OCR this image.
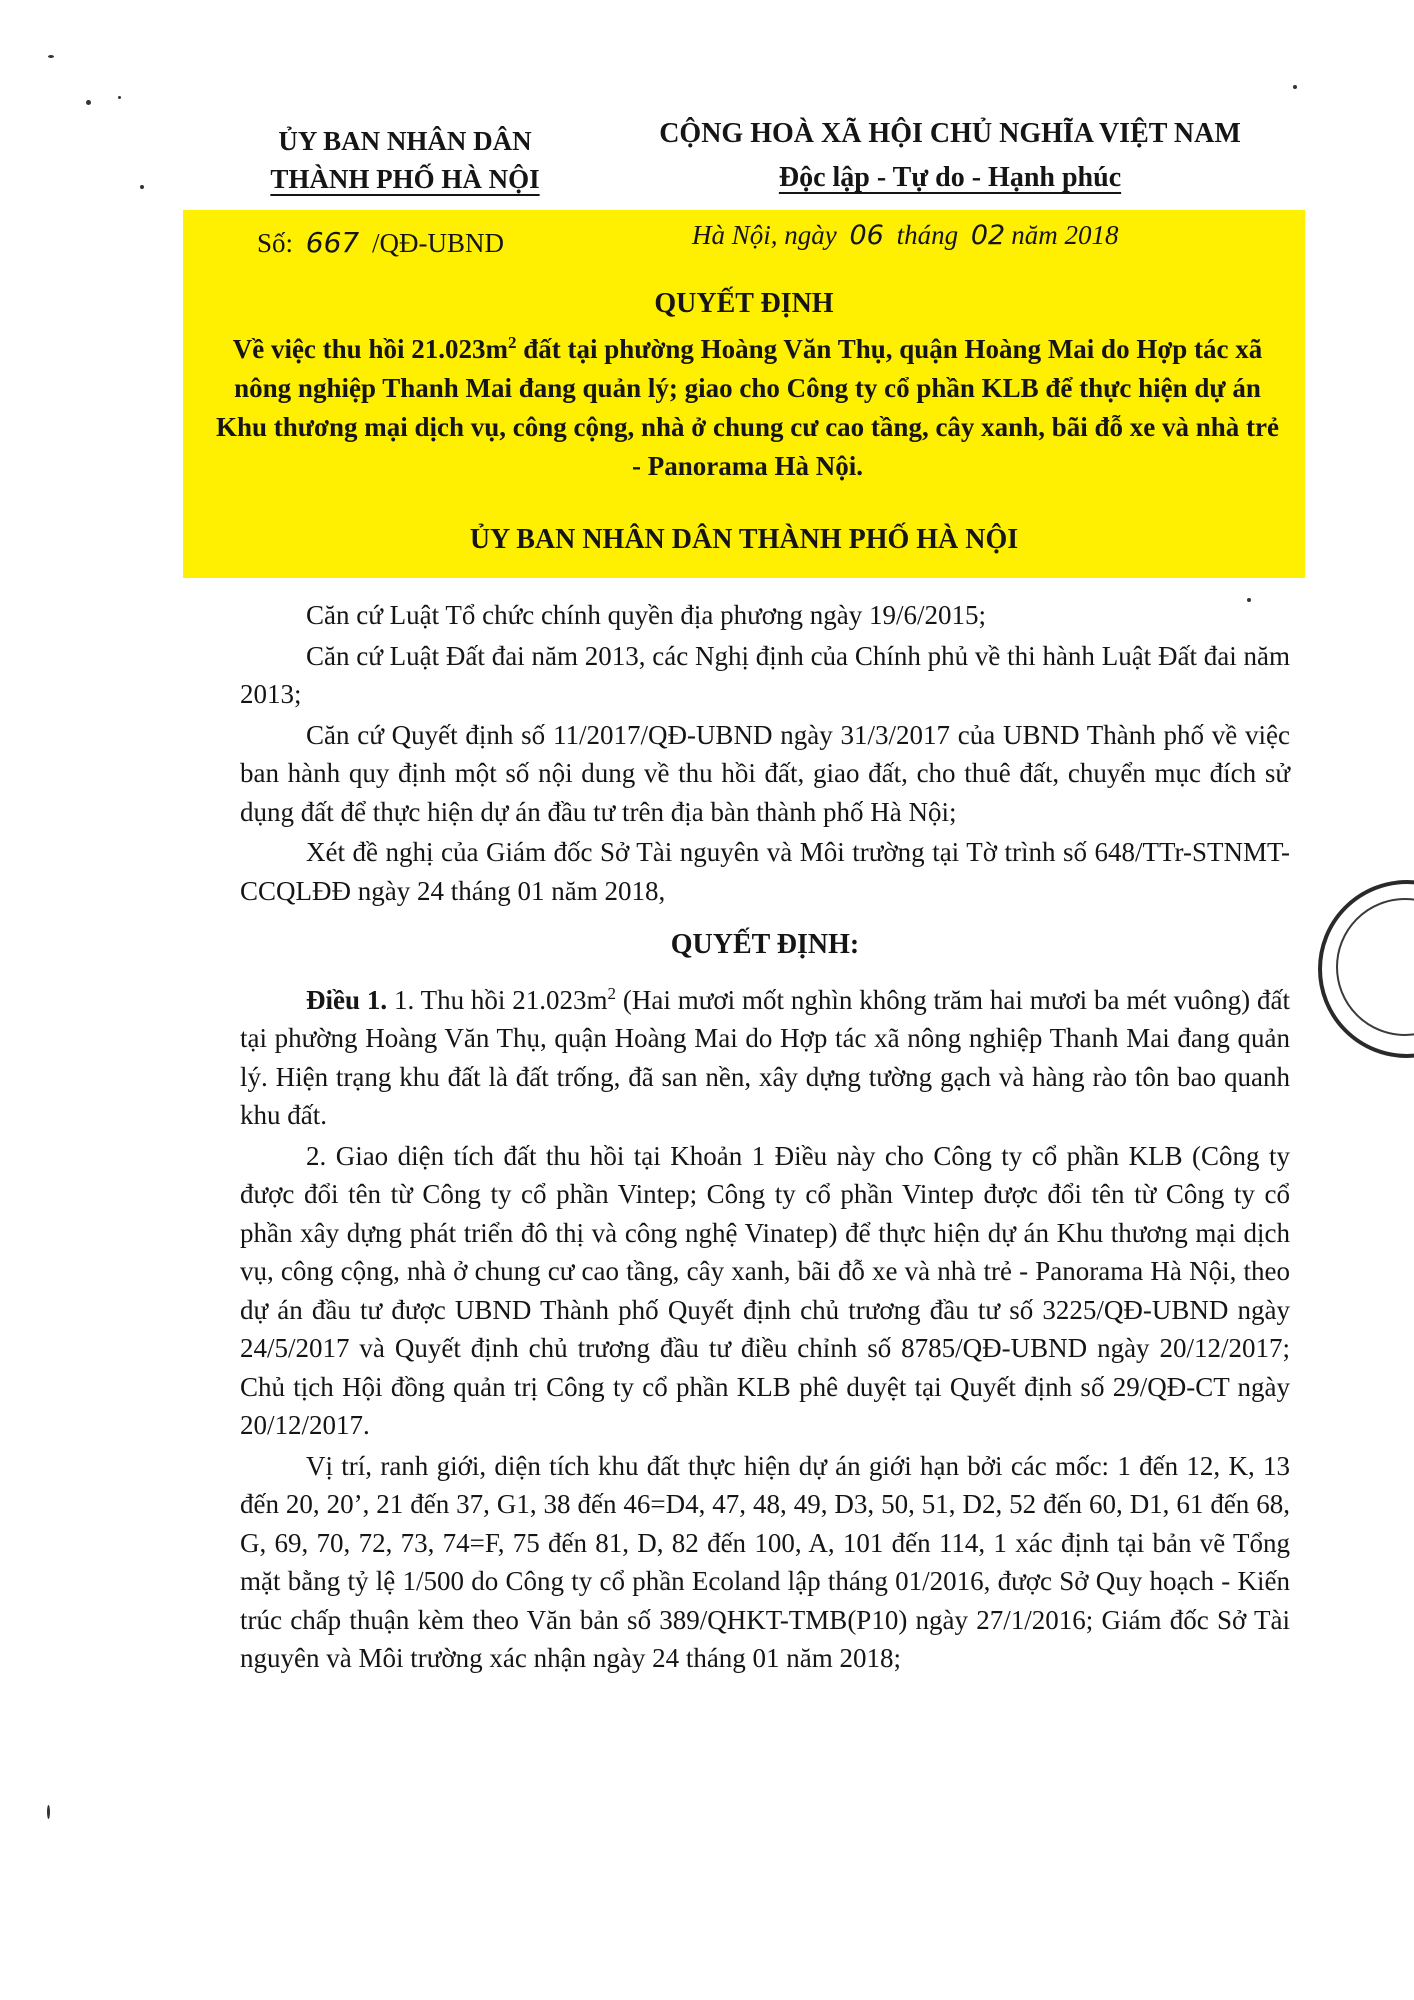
ỦY BAN NHÂN DÂN
THÀNH PHỐ HÀ NỘI
CỘNG HOÀ XÃ HỘI CHỦ NGHĨA VIỆT NAM
Độc lập - Tự do - Hạnh phúc
Số: 667 /QĐ-UBND	Hà Nội, ngày 06 tháng 02 năm 2018
QUYẾT ĐỊNH
Về việc thu hồi $21.023m^2$ đất tại phường Hoàng Văn Thụ, quận Hoàng Mai do Hợp tác xã nông nghiệp Thanh Mai đang quản lý; giao cho Công ty cổ phần KLB để thực hiện dự án Khu thương mại dịch vụ, công cộng, nhà ở chung cư cao tầng, cây xanh, bãi đỗ xe và nhà trẻ - Panorama Hà Nội.
ỦY BAN NHÂN DÂN THÀNH PHỐ HÀ NỘI

Căn cứ Luật Tổ chức chính quyền địa phương ngày 19/6/2015;

Căn cứ Luật Đất đai năm 2013, các Nghị định của Chính phủ về thi hành Luật Đất đai năm 2013;

Căn cứ Quyết định số 11/2017/QĐ-UBND ngày 31/3/2017 của UBND Thành phố về việc ban hành quy định một số nội dung về thu hồi đất, giao đất, cho thuê đất, chuyển mục đích sử dụng đất để thực hiện dự án đầu tư trên địa bàn thành phố Hà Nội;

Xét đề nghị của Giám đốc Sở Tài nguyên và Môi trường tại Tờ trình số 648/TTr-STNMT-CCQLĐĐ ngày 24 tháng 01 năm 2018,

QUYẾT ĐỊNH:

Điều 1. 1. Thu hồi $21.023m^2$ (Hai mươi mốt nghìn không trăm hai mươi ba mét vuông) đất tại phường Hoàng Văn Thụ, quận Hoàng Mai do Hợp tác xã nông nghiệp Thanh Mai đang quản lý. Hiện trạng khu đất là đất trống, đã san nền, xây dựng tường gạch và hàng rào tôn bao quanh khu đất.

2. Giao diện tích đất thu hồi tại Khoản 1 Điều này cho Công ty cổ phần KLB (Công ty được đổi tên từ Công ty cổ phần Vintep; Công ty cổ phần Vintep được đổi tên từ Công ty cổ phần xây dựng phát triển đô thị và công nghệ Vinatep) để thực hiện dự án Khu thương mại dịch vụ, công cộng, nhà ở chung cư cao tầng, cây xanh, bãi đỗ xe và nhà trẻ - Panorama Hà Nội, theo dự án đầu tư được UBND Thành phố Quyết định chủ trương đầu tư số 3225/QĐ-UBND ngày 24/5/2017 và Quyết định chủ trương đầu tư điều chỉnh số 8785/QĐ-UBND ngày 20/12/2017; Chủ tịch Hội đồng quản trị Công ty cổ phần KLB phê duyệt tại Quyết định số 29/QĐ-CT ngày 20/12/2017.

Vị trí, ranh giới, diện tích khu đất thực hiện dự án giới hạn bởi các mốc: 1 đến 12, K, 13 đến 20, 20’, 21 đến 37, G1, 38 đến 46=D4, 47, 48, 49, D3, 50, 51, D2, 52 đến 60, D1, 61 đến 68, G, 69, 70, 72, 73, 74=F, 75 đến 81, D, 82 đến 100, A, 101 đến 114, 1 xác định tại bản vẽ Tổng mặt bằng tỷ lệ 1/500 do Công ty cổ phần Ecoland lập tháng 01/2016, được Sở Quy hoạch - Kiến trúc chấp thuận kèm theo Văn bản số 389/QHKT-TMB(P10) ngày 27/1/2016; Giám đốc Sở Tài nguyên và Môi trường xác nhận ngày 24 tháng 01 năm 2018;
